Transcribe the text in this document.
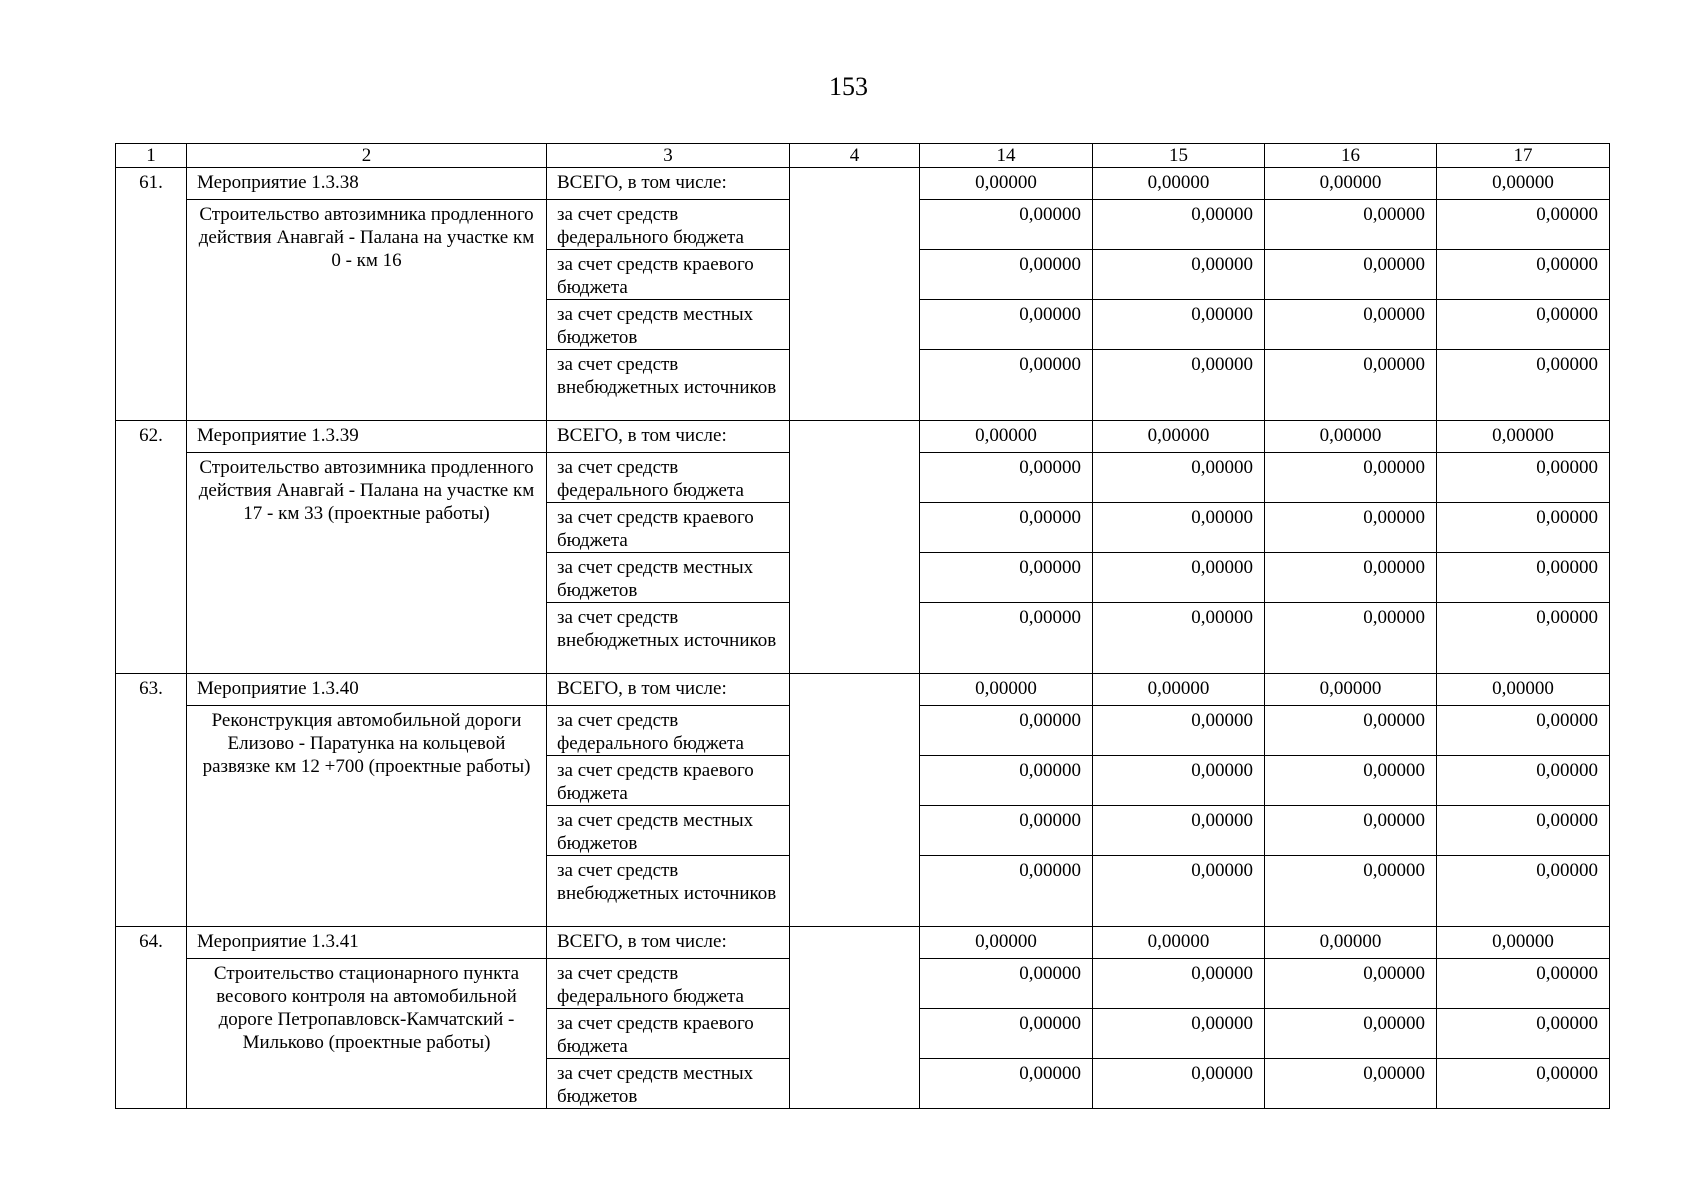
153
1	2	3	4	14	15	16	17
61.	Мероприятие 1.3.38	ВСЕГО, в том числе:		0,00000	0,00000	0,00000	0,00000
	Строительство автозимника продленного действия Анавгай - Палана на участке км 0 - км 16	за счет средств федерального бюджета		0,00000	0,00000	0,00000	0,00000
		за счет средств краевого бюджета		0,00000	0,00000	0,00000	0,00000
		за счет средств местных бюджетов		0,00000	0,00000	0,00000	0,00000
		за счет средств внебюджетных источников		0,00000	0,00000	0,00000	0,00000
62.	Мероприятие 1.3.39	ВСЕГО, в том числе:		0,00000	0,00000	0,00000	0,00000
	Строительство автозимника продленного действия Анавгай - Палана на участке км 17 - км 33 (проектные работы)	за счет средств федерального бюджета		0,00000	0,00000	0,00000	0,00000
		за счет средств краевого бюджета		0,00000	0,00000	0,00000	0,00000
		за счет средств местных бюджетов		0,00000	0,00000	0,00000	0,00000
		за счет средств внебюджетных источников		0,00000	0,00000	0,00000	0,00000
63.	Мероприятие 1.3.40	ВСЕГО, в том числе:		0,00000	0,00000	0,00000	0,00000
	Реконструкция автомобильной дороги Елизово - Паратунка на кольцевой развязке км 12 +700 (проектные работы)	за счет средств федерального бюджета		0,00000	0,00000	0,00000	0,00000
		за счет средств краевого бюджета		0,00000	0,00000	0,00000	0,00000
		за счет средств местных бюджетов		0,00000	0,00000	0,00000	0,00000
		за счет средств внебюджетных источников		0,00000	0,00000	0,00000	0,00000
64.	Мероприятие 1.3.41	ВСЕГО, в том числе:		0,00000	0,00000	0,00000	0,00000
	Строительство стационарного пункта весового контроля на автомобильной дороге Петропавловск-Камчатский - Мильково (проектные работы)	за счет средств федерального бюджета		0,00000	0,00000	0,00000	0,00000
		за счет средств краевого бюджета		0,00000	0,00000	0,00000	0,00000
		за счет средств местных бюджетов		0,00000	0,00000	0,00000	0,00000
